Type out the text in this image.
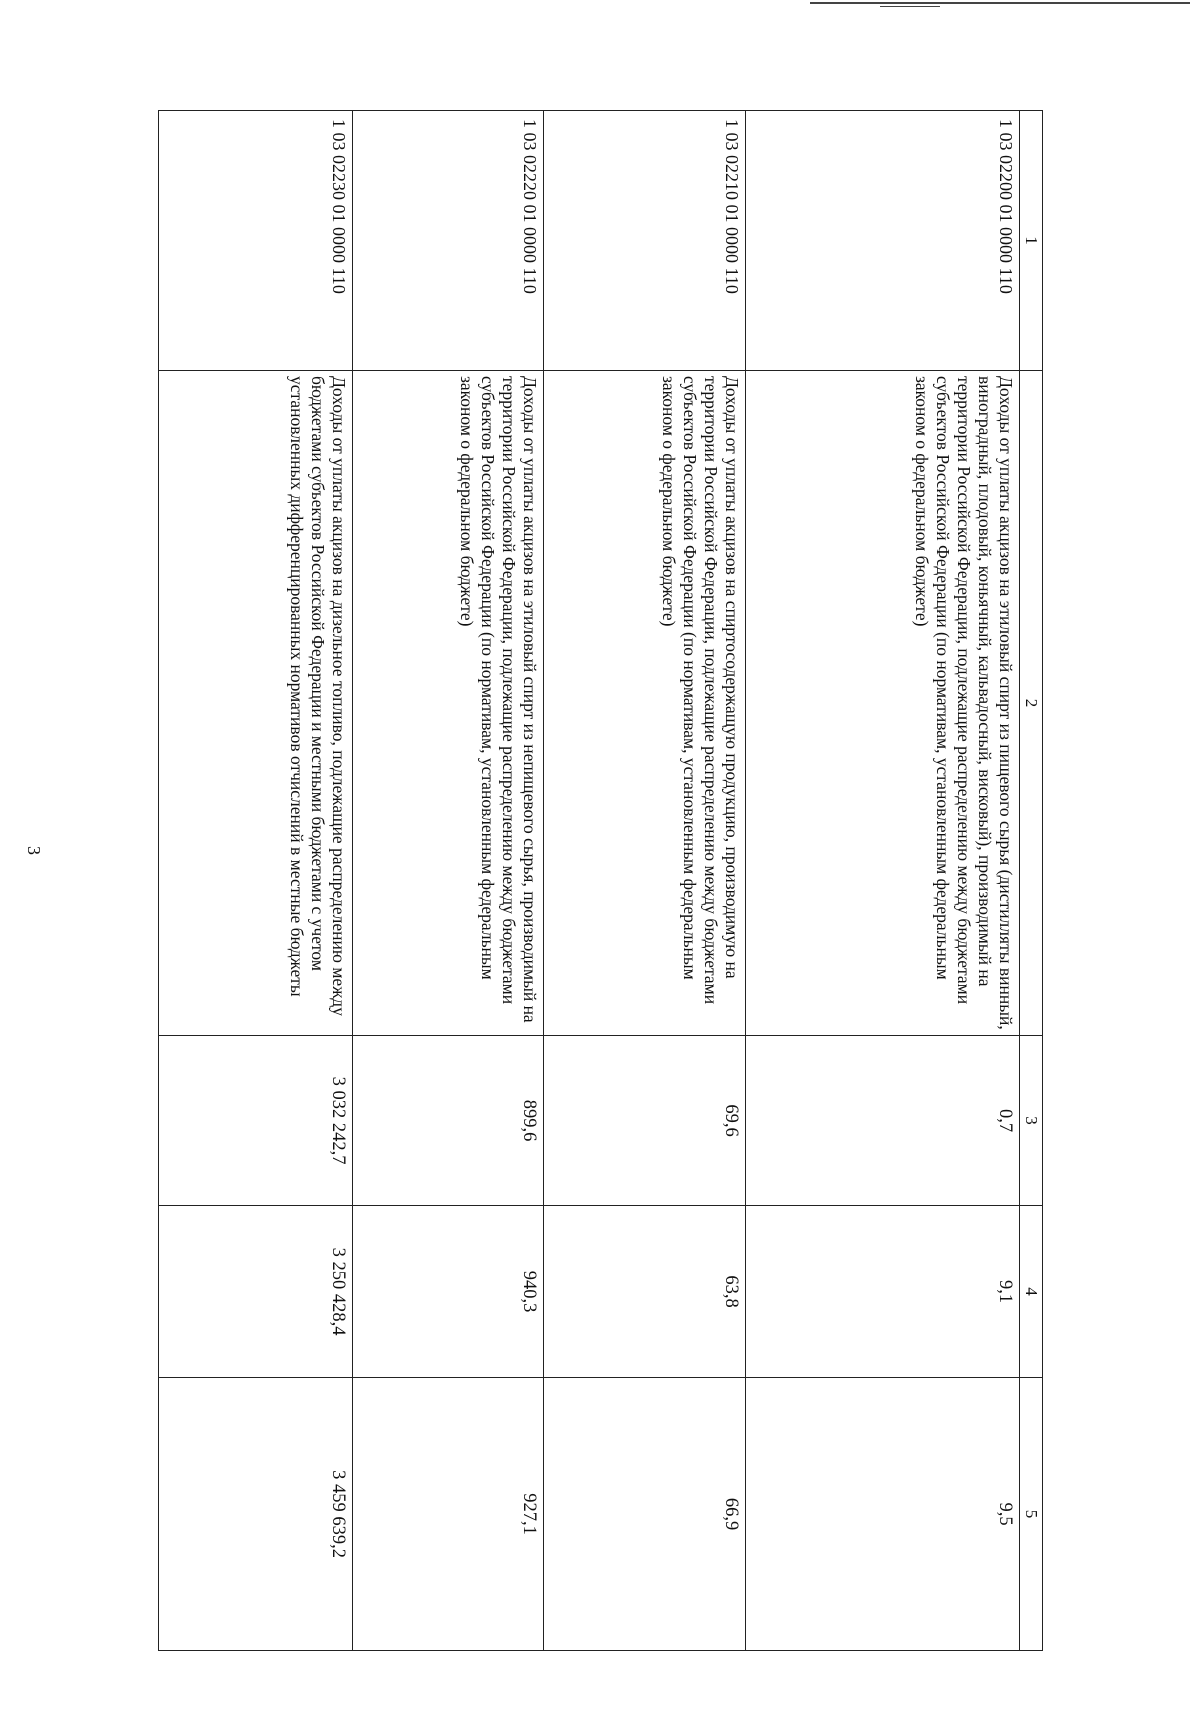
3
1	2	3	4	5
1 03 02200 01 0000 110	Доходы от уплаты акцизов на этиловый спирт из пищевого сырья (дистилляты винный, виноградный, плодовый, коньячный, кальвадосный, висковый), производимый на территории Российской Федерации, подлежащие распределению между бюджетами субъектов Российской Федерации (по нормативам, установленным федеральным законом о федеральном бюджете)	0,7	9,1	9,5
1 03 02210 01 0000 110	Доходы от уплаты акцизов на спиртосодержащую продукцию, производимую на территории Российской Федерации, подлежащие распределению между бюджетами субъектов Российской Федерации (по нормативам, установленным федеральным законом о федеральном бюджете)	69,6	63,8	66,9
1 03 02220 01 0000 110	Доходы от уплаты акцизов на этиловый спирт из непищевого сырья, производимый на территории Российской Федерации, подлежащие распределению между бюджетами субъектов Российской Федерации (по нормативам, установленным федеральным законом о федеральном бюджете)	899,6	940,3	927,1
1 03 02230 01 0000 110	Доходы от уплаты акцизов на дизельное топливо, подлежащие распределению между бюджетами субъектов Российской Федерации и местными бюджетами с учетом установленных дифференцированных нормативов отчислений в местные бюджеты	3 032 242,7	3 250 428,4	3 459 639,2
